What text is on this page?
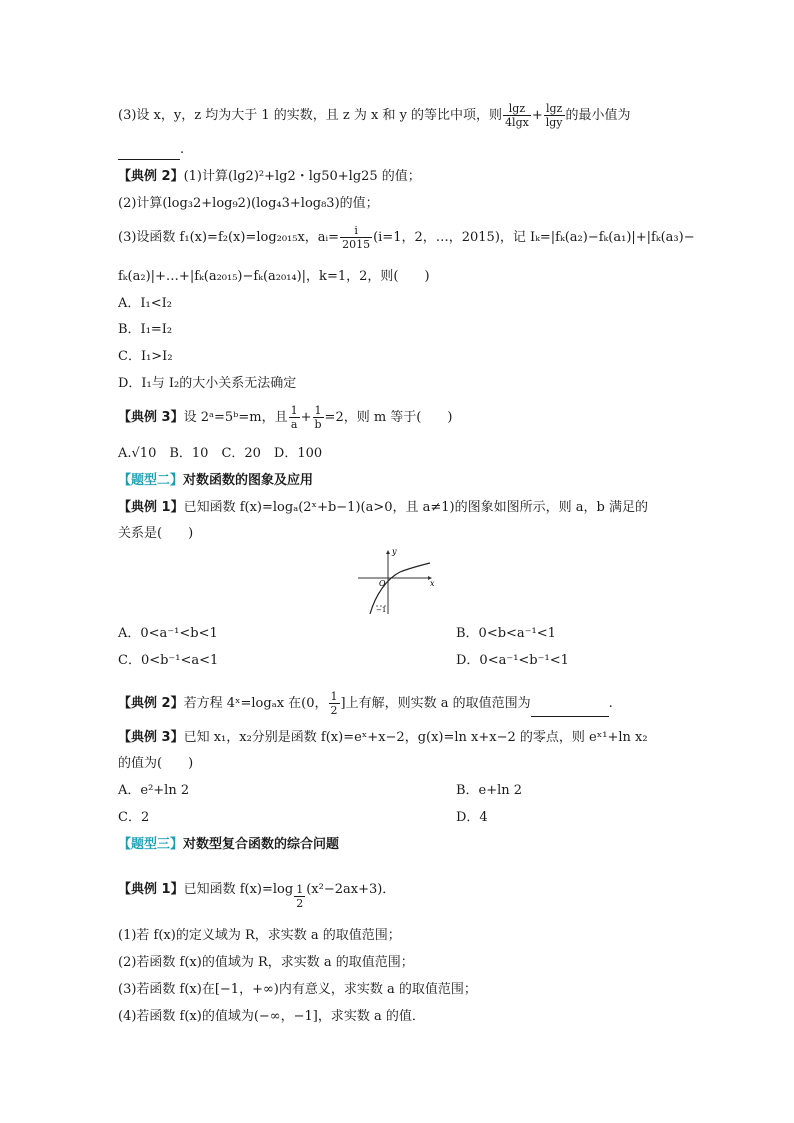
(3)设 x，y，z 均为大于 1 的实数，且 z 为 x 和 y 的等比中项，则 $\frac{\lg z}{4\lg x} + \frac{\lg z}{\lg y}$ 的最小值为
.
【典例 2】(1)计算(lg2)²+lg2・lg50+lg25 的值；
(2)计算(log₃2+log₉2)(log₄3+log₈3)的值；
(3)设函数 f₁(x)=f₂(x)=log₂₀₁₅x，aᵢ= $\frac{i}{2015} (i=1$，2，…，2015)，记 Iₖ=|fₖ(a₂)−fₖ(a₁)|+|fₖ(a₃)−
fₖ(a₂)|+…+|fₖ(a₂₀₁₅)−fₖ(a₂₀₁₄)|，k=1，2，则(　　)
A．I₁<I₂
B．I₁=I₂
C．I₁>I₂
D．I₁与 I₂的大小关系无法确定
【典例 3】设 2ᵃ=5ᵇ=m，且 $\frac{1}{a} + \frac{1}{b} =2$，则 m 等于(　　)
A.√10　B．10　C．20　D．100
【题型二】对数函数的图象及应用
【典例 1】已知函数 f(x)=logₐ(2ˣ+b−1)(a>0，且 a≠1)的图象如图所示，则 a，b 满足的
关系是(　　)
y
x
O
−1
A．0<a⁻¹<b<1	B．0<b<a⁻¹<1
C．0<b⁻¹<a<1	D．0<a⁻¹<b⁻¹<1
【典例 2】若方程 4ˣ=logₐx 在(0， $\frac{1}{2}$ ]上有解，则实数 a 的取值范围为	.
【典例 3】已知 x₁，x₂分别是函数 f(x)=eˣ+x−2，g(x)=ln x+x−2 的零点，则 eˣ¹+ln x₂
的值为(　　)
A．e²+ln 2	B．e+ln 2
C．2	D．4
【题型三】对数型复合函数的综合问题
【典例 1】已知函数 $f(x)=\log \frac{1}{2} (x^2-2ax+3)$．
(1)若 f(x)的定义域为 R，求实数 a 的取值范围；
(2)若函数 f(x)的值域为 R，求实数 a 的取值范围；
(3)若函数 f(x)在[−1，+∞)内有意义，求实数 a 的取值范围；
(4)若函数 f(x)的值域为(−∞，−1]，求实数 a 的值．
